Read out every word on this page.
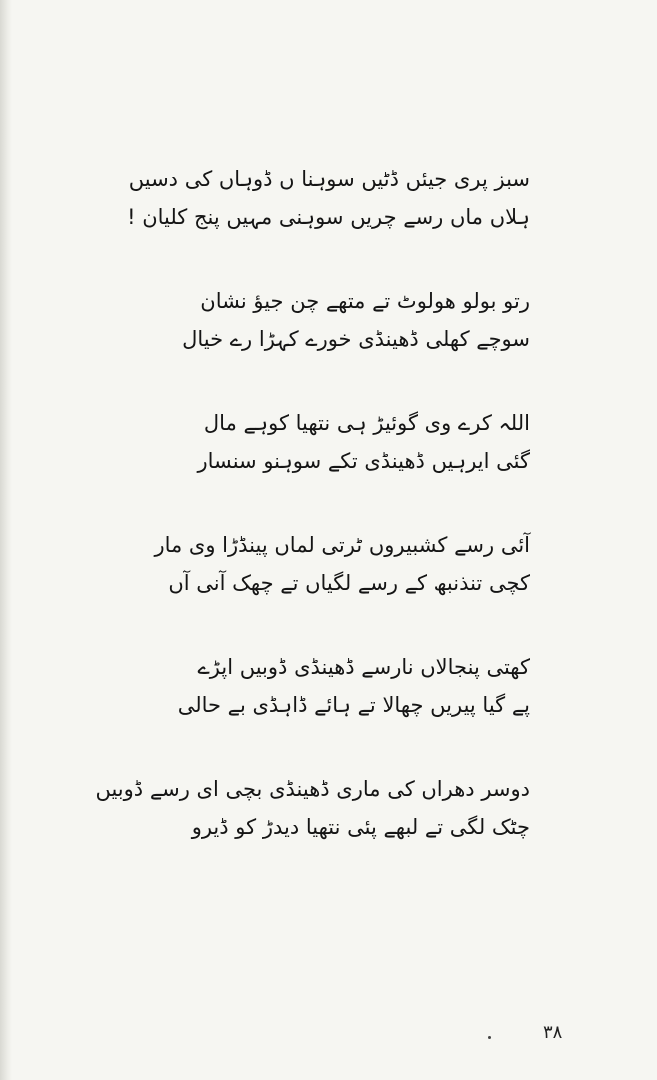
سبز پری جیئں ڈٹیں سوہنا ں ڈوہاں کی دسیں
ہلاں ماں رسے چریں سوہنی مہیں پنج کلیان !
رتو بولو ھولوٹ تے متھے چن جیؤ نشان
سوچے کھلی ڈھینڈی خورے کہڑا رے خیال
اللہ کرے وی گوئیڑ ہی نتھیا کوہے مال
گئی ایرہیں ڈھینڈی تکے سوہنو سنسار
آئی رسے کشبیروں ٹرتی لماں پینڈڑا وی مار
کچی تنذنبھ کے رسے لگیاں تے چھک آنی آں
کھتی پنجالاں نارسے ڈھینڈی ڈوبیں اپڑے
پے گیا پیریں چھالا تے ہائے ڈاہڈی بے حالی
دوسر دھراں کی ماری ڈھینڈی بچی ای رسے ڈوبیں
چٹک لگی تے لبھے پئی نتھیا دیدڑ کو ڈیرو
۳۸
